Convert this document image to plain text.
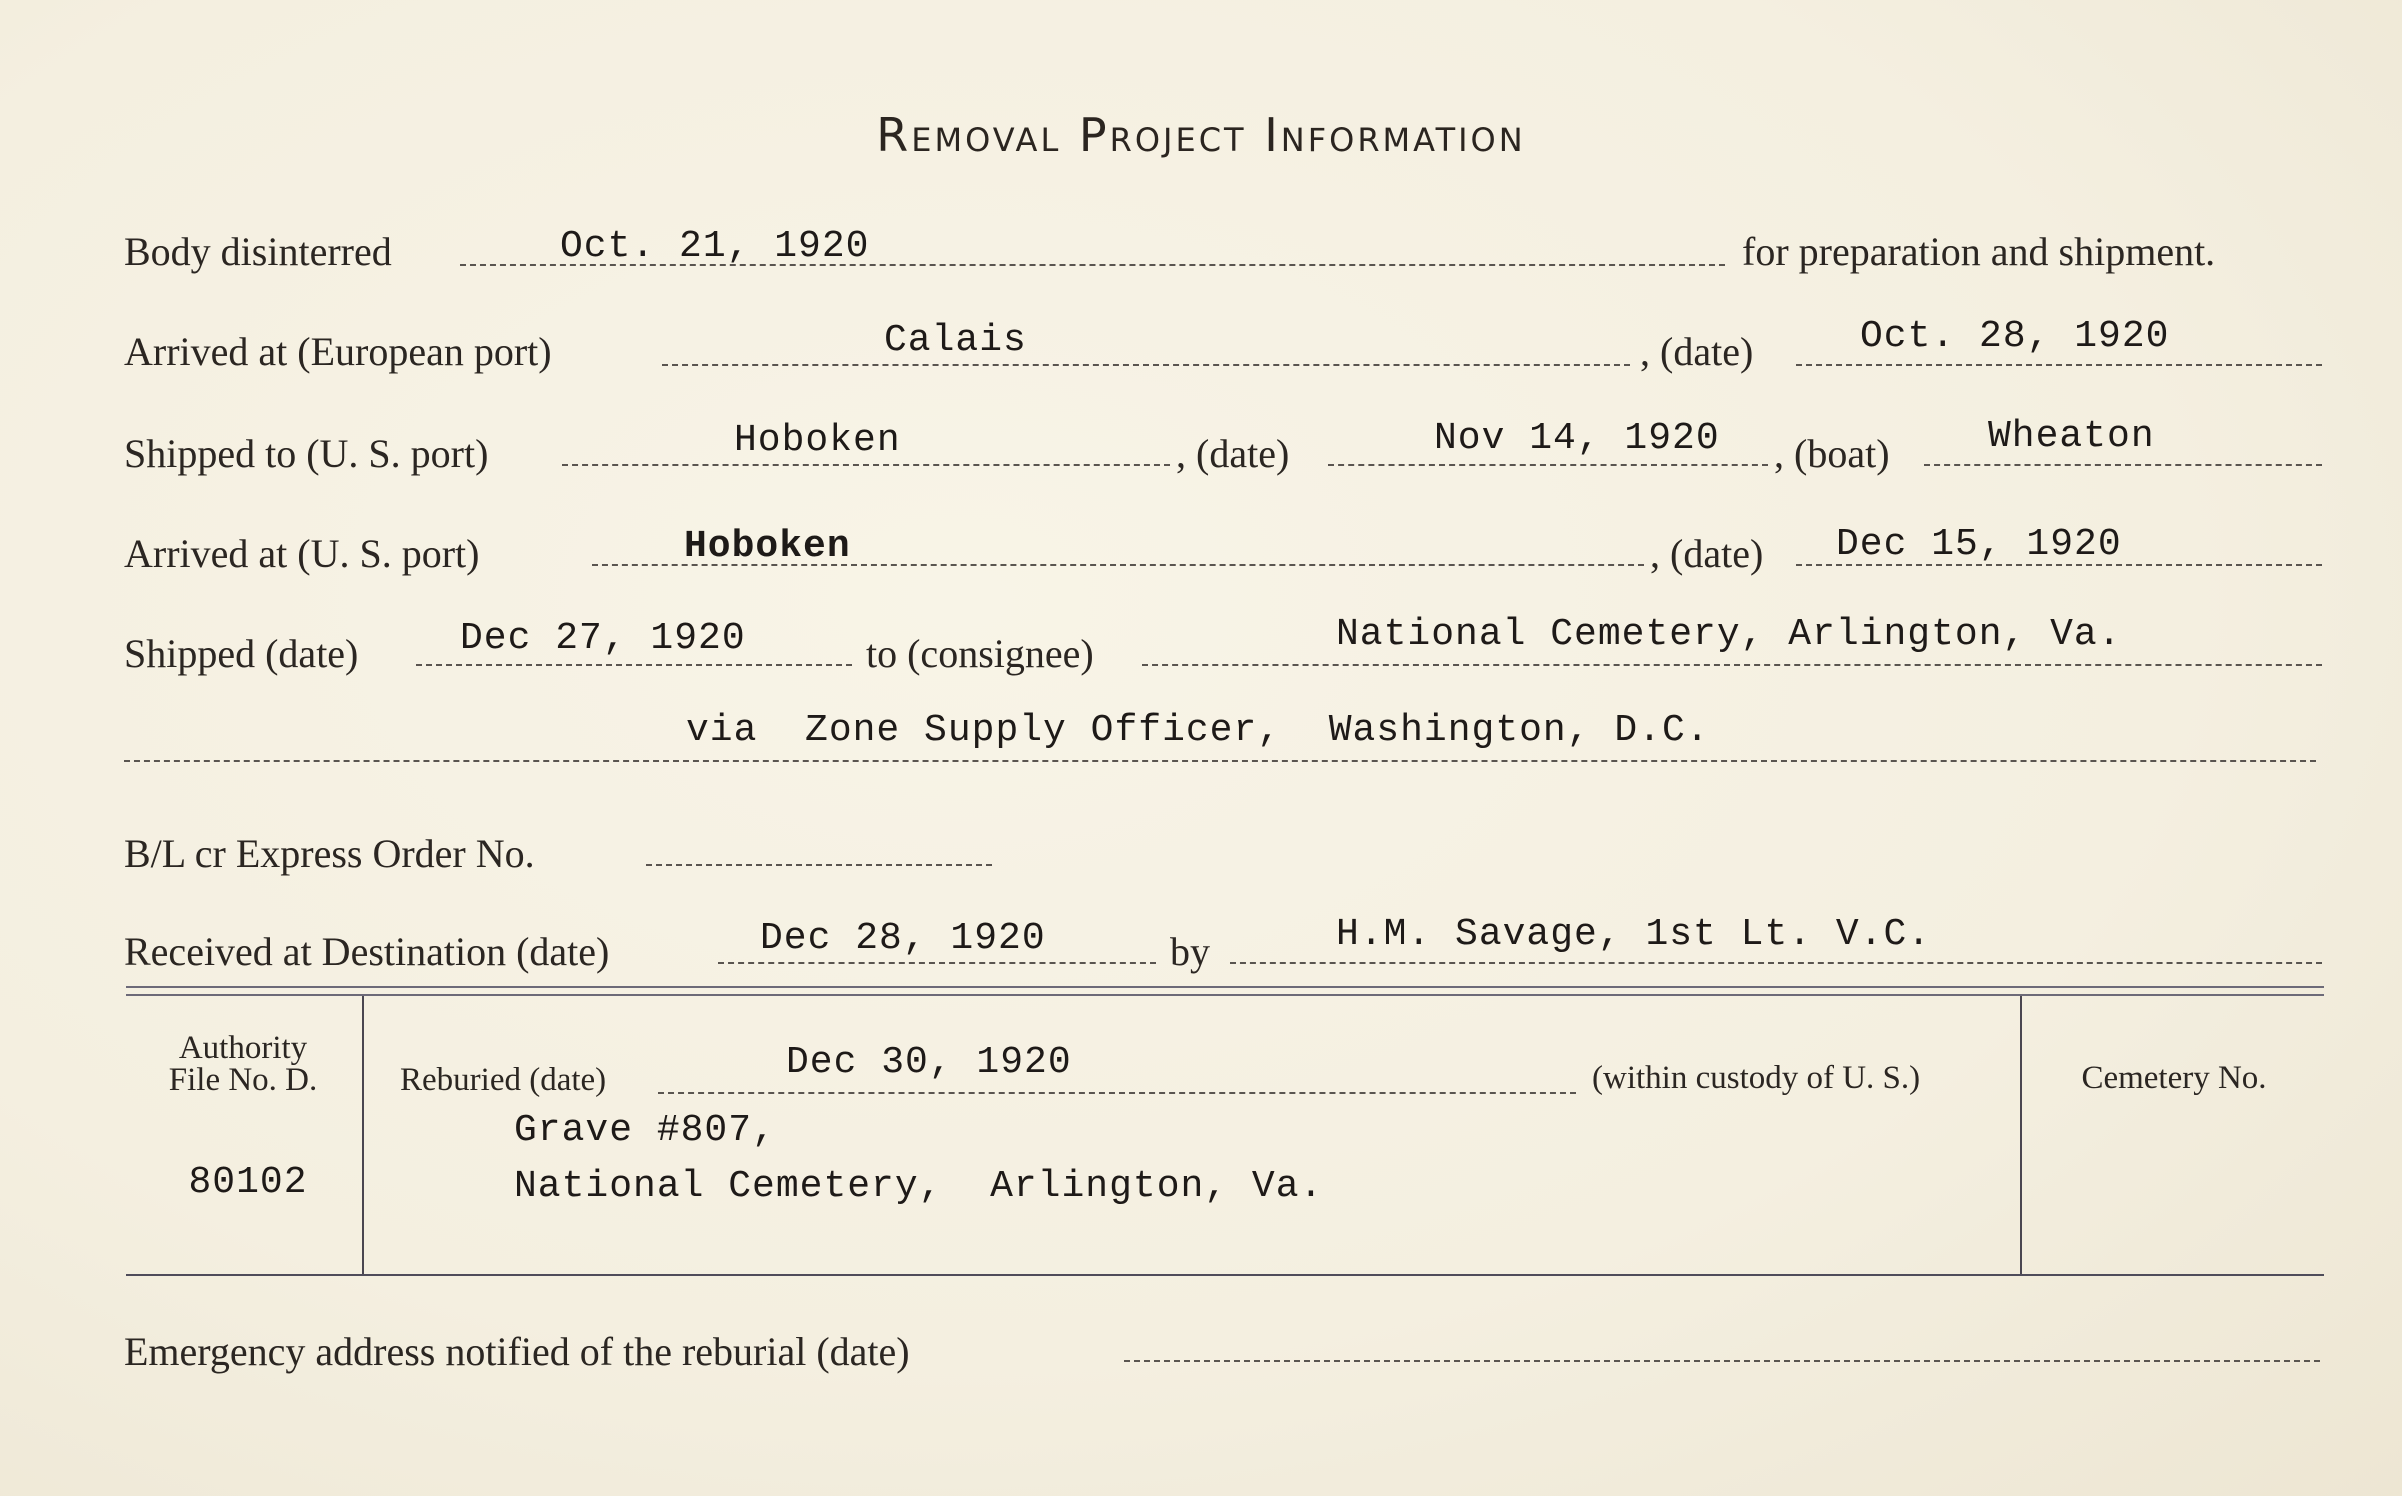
Removal Project Information
Body disinterred	Oct. 21, 1920	for preparation and shipment.
Arrived at (European port)	Calais	, (date)	Oct. 28, 1920
Shipped to (U. S. port)	Hoboken	, (date)	Nov 14, 1920 , (boat)	Wheaton
Arrived at (U. S. port)	Hoboken	, (date) Dec 15, 1920
Shipped (date)	Dec 27, 1920	to (consignee)	National Cemetery, Arlington, Va.
via  Zone Supply Officer,  Washington, D.C.
B/L cr Express Order No.
Received at Destination (date)	Dec 28, 1920	by	H.M. Savage, 1st Lt. V.C.
Authority
File No. D.
80102
Reburied (date)	Dec 30, 1920	(within custody of U. S.)
Grave #807,
National Cemetery,  Arlington, Va.
Cemetery No.
Emergency address notified of the reburial (date)
